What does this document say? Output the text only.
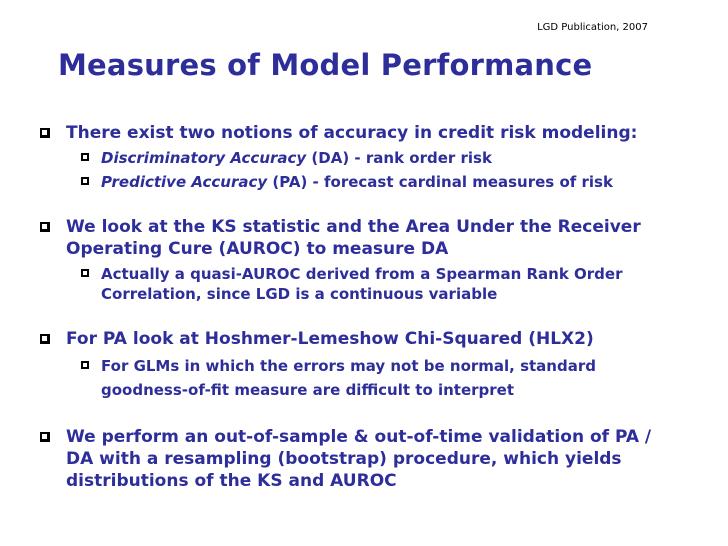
LGD Publication, 2007
Measures of Model Performance
There exist two notions of accuracy in credit risk modeling:
Discriminatory Accuracy (DA) - rank order risk
Predictive Accuracy (PA) - forecast cardinal measures of risk
We look at the KS statistic and the Area Under the Receiver Operating Cure (AUROC) to measure DA
Actually a quasi-AUROC derived from a Spearman Rank Order Correlation, since LGD is a continuous variable
For PA look at Hoshmer-Lemeshow Chi-Squared (HLX2)
For GLMs in which the errors may not be normal, standard goodness-of-fit measure are difficult to interpret
We perform an out-of-sample & out-of-time validation of PA / DA with a resampling (bootstrap) procedure, which yields distributions of the KS and AUROC
